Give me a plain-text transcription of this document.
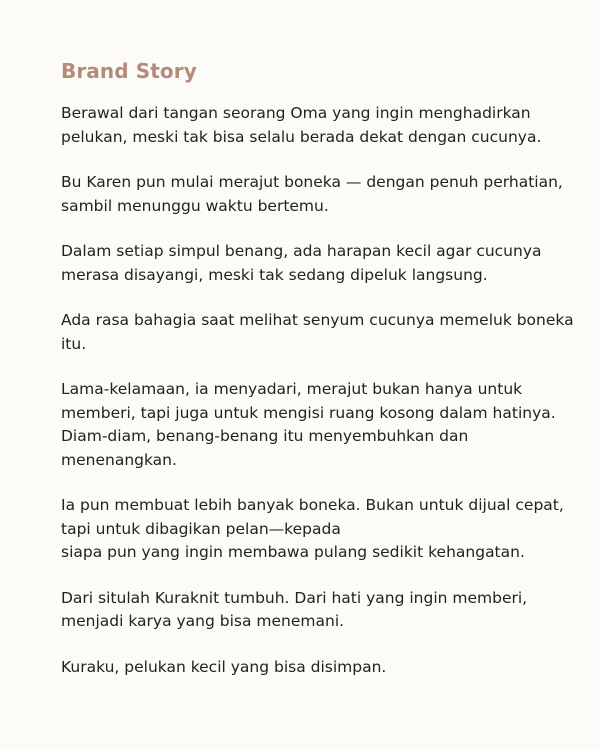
Brand Story

Berawal dari tangan seorang Oma yang ingin menghadirkan
pelukan, meski tak bisa selalu berada dekat dengan cucunya.

Bu Karen pun mulai merajut boneka — dengan penuh perhatian,
sambil menunggu waktu bertemu.

Dalam setiap simpul benang, ada harapan kecil agar cucunya
merasa disayangi, meski tak sedang dipeluk langsung.

Ada rasa bahagia saat melihat senyum cucunya memeluk boneka
itu.

Lama-kelamaan, ia menyadari, merajut bukan hanya untuk
memberi, tapi juga untuk mengisi ruang kosong dalam hatinya.
Diam-diam, benang-benang itu menyembuhkan dan
menenangkan.

Ia pun membuat lebih banyak boneka. Bukan untuk dijual cepat,
tapi untuk dibagikan pelan—kepada
siapa pun yang ingin membawa pulang sedikit kehangatan.

Dari situlah Kuraknit tumbuh. Dari hati yang ingin memberi,
menjadi karya yang bisa menemani.

Kuraku, pelukan kecil yang bisa disimpan.
